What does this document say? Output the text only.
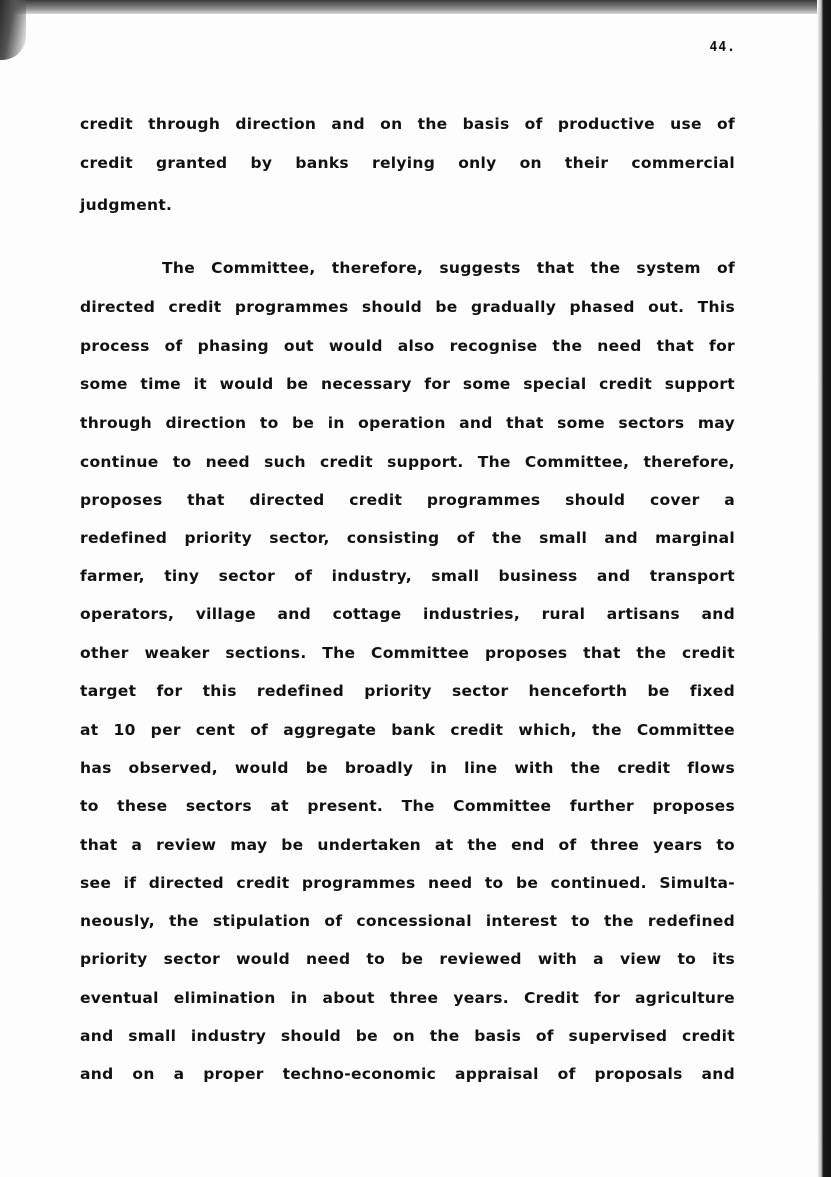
44.
credit through direction and on the basis of productive use of
credit granted by banks relying only on their commercial
judgment.
The Committee, therefore, suggests that the system of
directed credit programmes should be gradually phased out. This
process of phasing out would also recognise the need that for
some time it would be necessary for some special credit support
through direction to be in operation and that some sectors may
continue to need such credit support. The Committee, therefore,
proposes that directed credit programmes should cover a
redefined priority sector, consisting of the small and marginal
farmer, tiny sector of industry, small business and transport
operators, village and cottage industries, rural artisans and
other weaker sections. The Committee proposes that the credit
target for this redefined priority sector henceforth be fixed
at 10 per cent of aggregate bank credit which, the Committee
has observed, would be broadly in line with the credit flows
to these sectors at present. The Committee further proposes
that a review may be undertaken at the end of three years to
see if directed credit programmes need to be continued. Simulta-
neously, the stipulation of concessional interest to the redefined
priority sector would need to be reviewed with a view to its
eventual elimination in about three years. Credit for agriculture
and small industry should be on the basis of supervised credit
and on a proper techno-economic appraisal of proposals and
